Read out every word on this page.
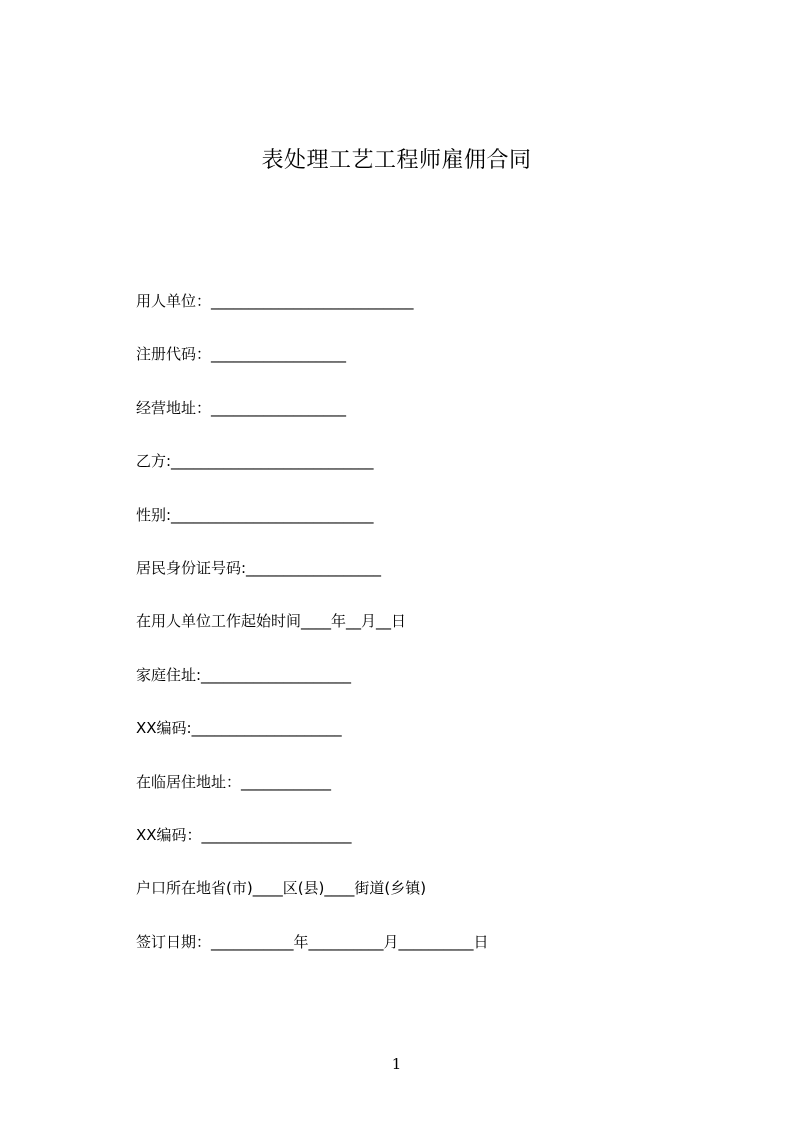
表处理工艺工程师雇佣合同
用人单位：___________________________
注册代码：__________________
经营地址：__________________
乙方:___________________________
性别:___________________________
居民身份证号码:__________________
在用人单位工作起始时间____年__月__日
家庭住址:____________________
XX编码:____________________
在临居住地址：____________
XX编码：____________________
户口所在地省(市)____区(县)____街道(乡镇)
签订日期：___________年__________月__________日
1
